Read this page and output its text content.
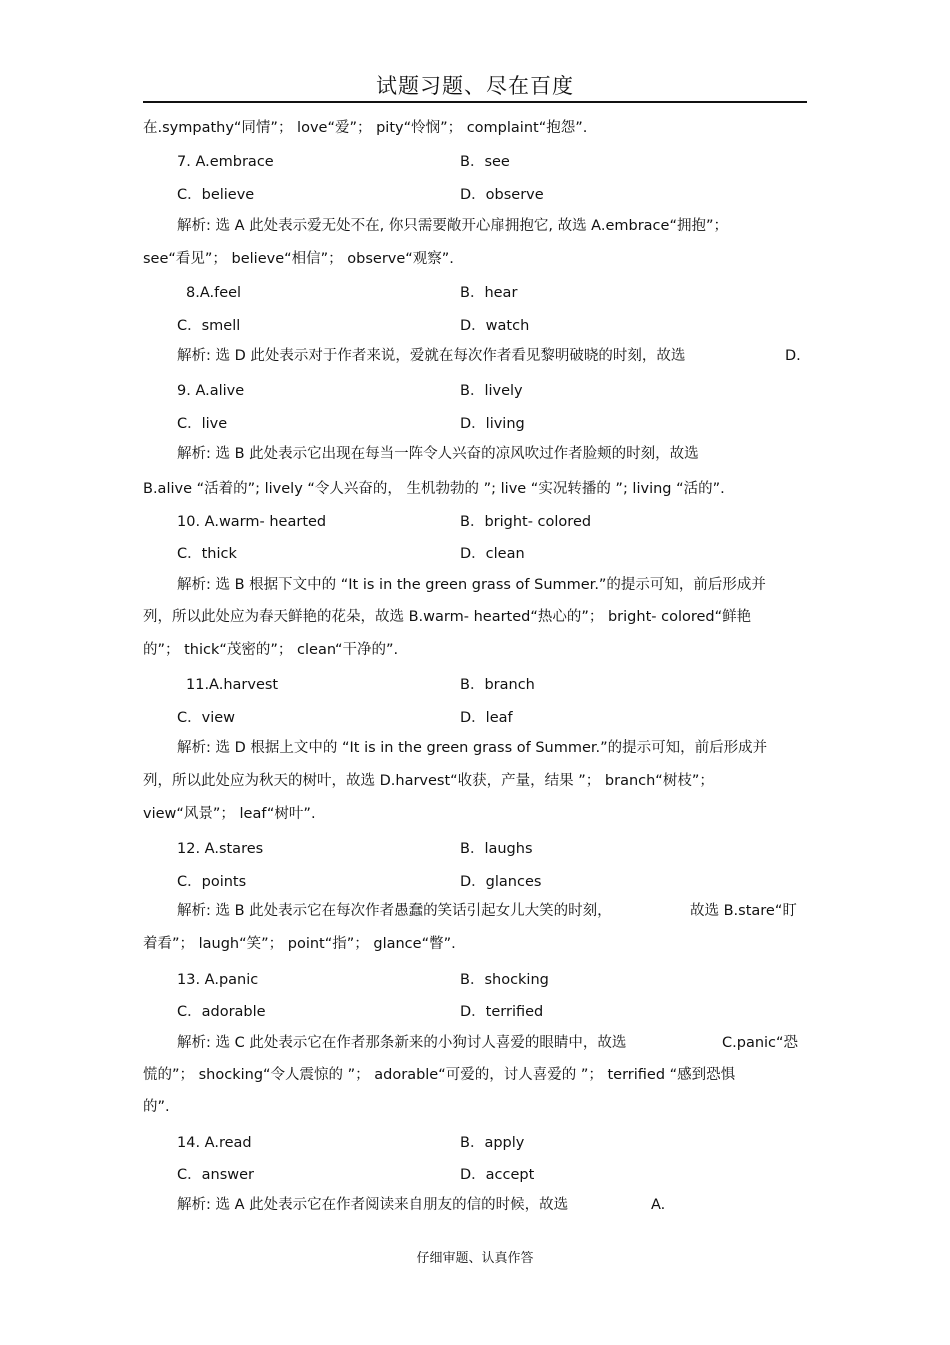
试题习题、尽在百度
在.sympathy“同情”； love“爱”； pity“怜悯”； complaint“抱怨”.
7. A.embrace	B．see
C．believe	D．observe
解析: 选 A 此处表示爱无处不在, 你只需要敞开心扉拥抱它, 故选 A.embrace“拥抱”；
see“看见”； believe“相信”； observe“观察”.
8.A.feel	B．hear
C．smell	D．watch
解析: 选 D 此处表示对于作者来说，爱就在每次作者看见黎明破晓的时刻，故选	D.
9. A.alive	B．lively
C．live	D．living
解析: 选 B 此处表示它出现在每当一阵令人兴奋的凉风吹过作者脸颊的时刻，故选
B.alive “活着的”; lively “令人兴奋的， 生机勃勃的 ”; live “实况转播的 ”; living “活的”.
10. A.warm- hearted	B．bright- colored
C．thick	D．clean
解析: 选 B 根据下文中的 “It is in the green grass of Summer.”的提示可知，前后形成并
列，所以此处应为春天鲜艳的花朵，故选 B.warm- hearted“热心的”； bright- colored“鲜艳
的”； thick“茂密的”； clean“干净的”.
11.A.harvest	B．branch
C．view	D．leaf
解析: 选 D 根据上文中的 “It is in the green grass of Summer.”的提示可知，前后形成并
列，所以此处应为秋天的树叶，故选 D.harvest“收获，产量，结果 ”； branch“树枝”；
view“风景”； leaf“树叶”.
12. A.stares	B．laughs
C．points	D．glances
解析: 选 B 此处表示它在每次作者愚蠢的笑话引起女儿大笑的时刻，	故选 B.stare“盯
着看”； laugh“笑”； point“指”； glance“瞥”.
13. A.panic	B．shocking
C．adorable	D．terrified
解析: 选 C 此处表示它在作者那条新来的小狗讨人喜爱的眼睛中，故选	C.panic“恐
慌的”； shocking“令人震惊的 ”； adorable“可爱的，讨人喜爱的 ”； terrified “感到恐惧
的”.
14. A.read	B．apply
C．answer	D．accept
解析: 选 A 此处表示它在作者阅读来自朋友的信的时候，故选	A.
仔细审题、认真作答
